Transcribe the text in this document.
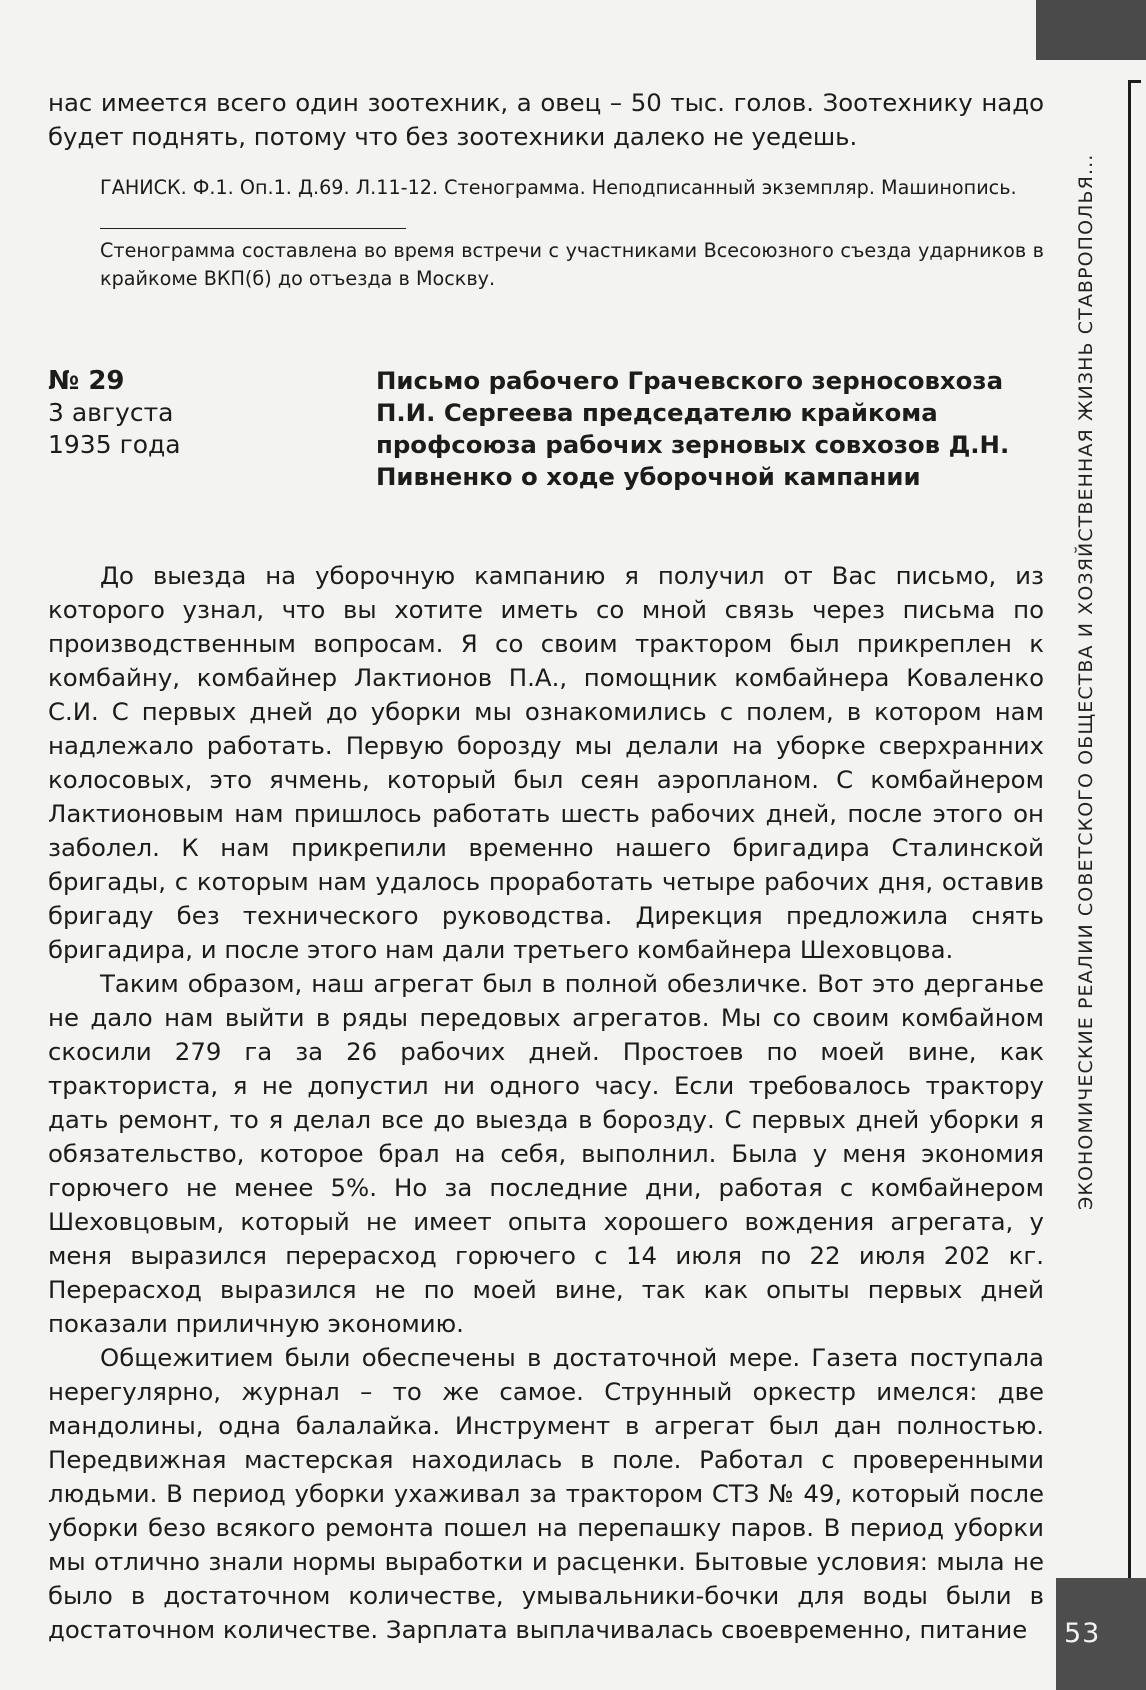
ЭКОНОМИЧЕСКИЕ РЕАЛИИ СОВЕТСКОГО ОБЩЕСТВА И ХОЗЯЙСТВЕННАЯ ЖИЗНЬ СТАВРОПОЛЬЯ...

нас имеется всего один зоотехник, а овец – 50 тыс. голов. Зоотехнику надо будет поднять, потому что без зоотехники далеко не уедешь.

ГАНИСК. Ф.1. Оп.1. Д.69. Л.11-12. Стенограмма. Неподписанный экземпляр. Машинопись.

Стенограмма составлена во время встречи с участниками Всесоюзного съезда ударников в крайкоме ВКП(б) до отъезда в Москву.

№ 29
3 августа
1935 года
Письмо рабочего Грачевского зерносовхоза П.И. Сергеева председателю крайкома профсоюза рабочих зерновых совхозов Д.Н. Пивненко о ходе уборочной кампании

До выезда на уборочную кампанию я получил от Вас письмо, из которого узнал, что вы хотите иметь со мной связь через письма по производственным вопросам. Я со своим трактором был прикреплен к комбайну, комбайнер Лактионов П.А., помощник комбайнера Коваленко С.И. С первых дней до уборки мы ознакомились с полем, в котором нам надлежало работать. Первую борозду мы делали на уборке сверхранних колосовых, это ячмень, который был сеян аэропланом. С комбайнером Лактионовым нам пришлось работать шесть рабочих дней, после этого он заболел. К нам прикрепили временно нашего бригадира Сталинской бригады, с которым нам удалось проработать четыре рабочих дня, оставив бригаду без технического руководства. Дирекция предложила снять бригадира, и после этого нам дали третьего комбайнера Шеховцова.

Таким образом, наш агрегат был в полной обезличке. Вот это дерганье не дало нам выйти в ряды передовых агрегатов. Мы со своим комбайном скосили 279 га за 26 рабочих дней. Простоев по моей вине, как тракториста, я не допустил ни одного часу. Если требовалось трактору дать ремонт, то я делал все до выезда в борозду. С первых дней уборки я обязательство, которое брал на себя, выполнил. Была у меня экономия горючего не менее 5%. Но за последние дни, работая с комбайнером Шеховцовым, который не имеет опыта хорошего вождения агрегата, у меня выразился перерасход горючего с 14 июля по 22 июля 202 кг. Перерасход выразился не по моей вине, так как опыты первых дней показали приличную экономию.

Общежитием были обеспечены в достаточной мере. Газета поступала нерегулярно, журнал – то же самое. Струнный оркестр имелся: две мандолины, одна балалайка. Инструмент в агрегат был дан полностью. Передвижная мастерская находилась в поле. Работал с проверенными людьми. В период уборки ухаживал за трактором СТЗ № 49, который после уборки безо всякого ремонта пошел на перепашку паров. В период уборки мы отлично знали нормы выработки и расценки. Бытовые условия: мыла не было в достаточном количестве, умывальники-бочки для воды были в достаточном количестве. Зарплата выплачивалась своевременно, питание	53
